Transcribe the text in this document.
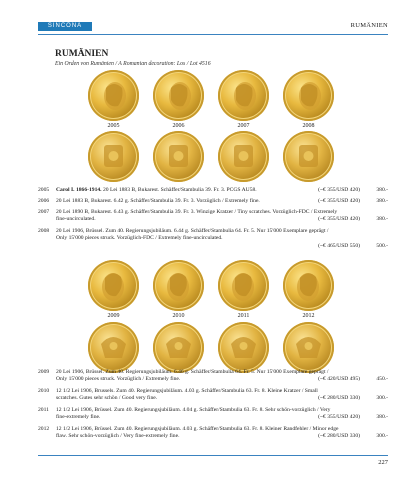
SINCONA	RUMÄNIEN
RUMÄNIEN
Ein Orden von Rumänien / A Romanian decoration: Los / Lot 4516
2005	2006	2007	2008
2005 Carol I. 1866-1914. 20 Lei 1883 B, Bukarest. Schäffer/Stambulia 39. Fr. 3. PCGS AU58.	(~€ 355/USD 420)	380.-
2006 20 Lei 1883 B, Bukarest. 6.42 g. Schäffer/Stambulia 39. Fr. 3. Vorzüglich / Extremely fine.	(~€ 355/USD 420)	380.-
2007 20 Lei 1890 B, Bukarest. 6.43 g. Schäffer/Stambulia 39. Fr. 3. Winzige Kratzer / Tiny scratches. Vorzüglich-FDC / Extremely fine-uncirculated.	(~€ 355/USD 420)	380.-
2008 20 Lei 1906, Brüssel. Zum 40. Regierungsjubiläum. 6.44 g. Schäffer/Stambulia 64. Fr. 5. Nur 15'000 Exemplare geprägt / Only 15'000 pieces struck. Vorzüglich-FDC / Extremely fine-uncirculated.
(~€ 465/USD 550)	500.-
2009	2010	2011	2012
2009 20 Lei 1906, Brüssel. Zum 40. Regierungsjubiläum. 6.46 g. Schäffer/Stambulia 64. Fr. 5. Nur 15'000 Exemplare geprägt / Only 15'000 pieces struck. Vorzüglich / Extremely fine.	(~€ 420/USD 495)	450.-
2010 12 1/2 Lei 1906, Brussels. Zum 40. Regierungsjubiläum. 4.03 g. Schäffer/Stambulia 63. Fr. 8. Kleine Kratzer / Small scratches. Gutes sehr schön / Good very fine.	(~€ 280/USD 330)	300.-
2011 12 1/2 Lei 1906, Brüssel. Zum 40. Regierungsjubiläum. 4.04 g. Schäffer/Stambulia 63. Fr. 8. Sehr schön-vorzüglich / Very fine-extremely fine.	(~€ 355/USD 420)	380.-
2012 12 1/2 Lei 1906, Brüssel. Zum 40. Regierungsjubiläum. 4.03 g. Schäffer/Stambulia 63. Fr. 8. Kleiner Randfehler / Minor edge flaw. Sehr schön-vorzüglich / Very fine-extremely fine.	(~€ 280/USD 330)	300.-
227
